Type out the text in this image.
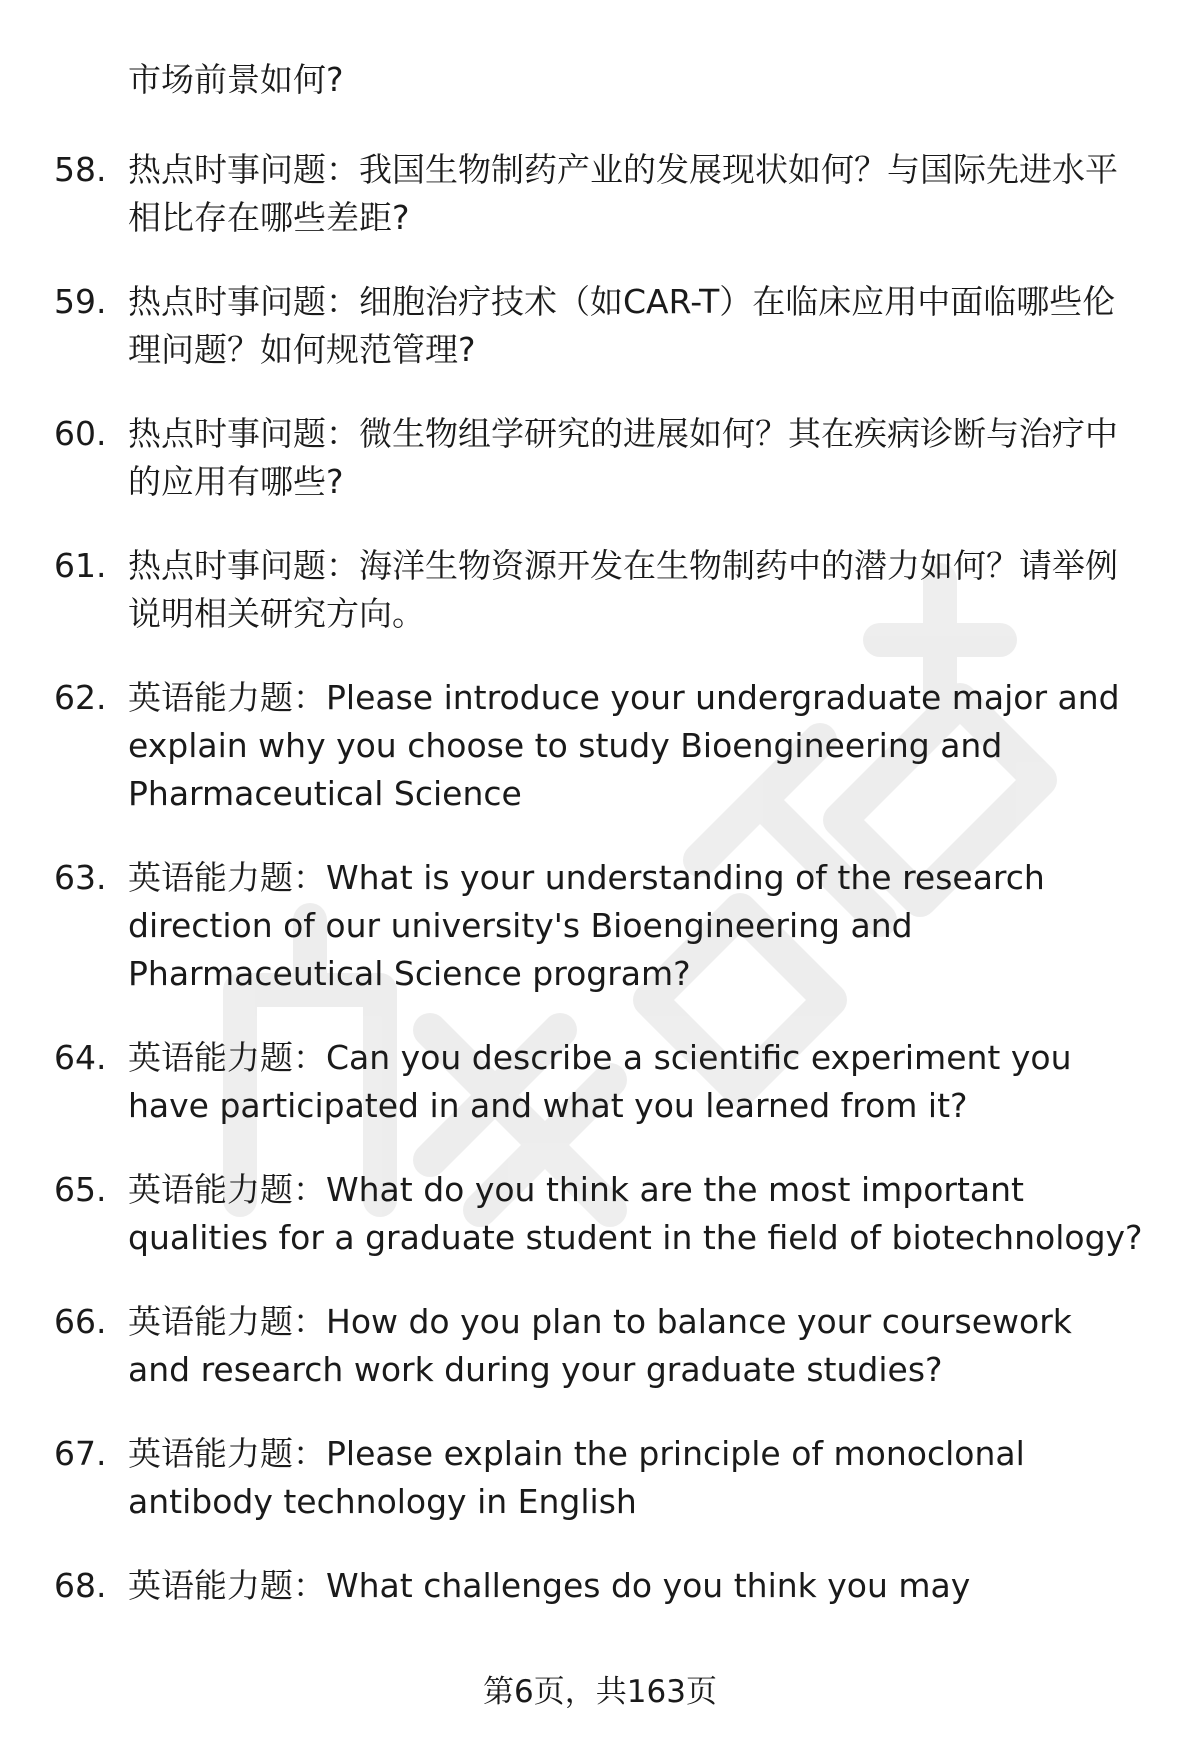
市场前景如何?
58. 热点时事问题：我国生物制药产业的发展现状如何？与国际先进水平相比存在哪些差距?
59. 热点时事问题：细胞治疗技术（如CAR-T）在临床应用中面临哪些伦理问题？如何规范管理?
60. 热点时事问题：微生物组学研究的进展如何？其在疾病诊断与治疗中的应用有哪些?
61. 热点时事问题：海洋生物资源开发在生物制药中的潜力如何？请举例说明相关研究方向。
62. 英语能力题：Please introduce your undergraduate major and explain why you choose to study Bioengineering and Pharmaceutical Science
63. 英语能力题：What is your understanding of the research direction of our university's Bioengineering and Pharmaceutical Science program?
64. 英语能力题：Can you describe a scientific experiment you have participated in and what you learned from it?
65. 英语能力题：What do you think are the most important qualities for a graduate student in the field of biotechnology?
66. 英语能力题：How do you plan to balance your coursework and research work during your graduate studies?
67. 英语能力题：Please explain the principle of monoclonal antibody technology in English
68. 英语能力题：What challenges do you think you may
第6页，共163页
